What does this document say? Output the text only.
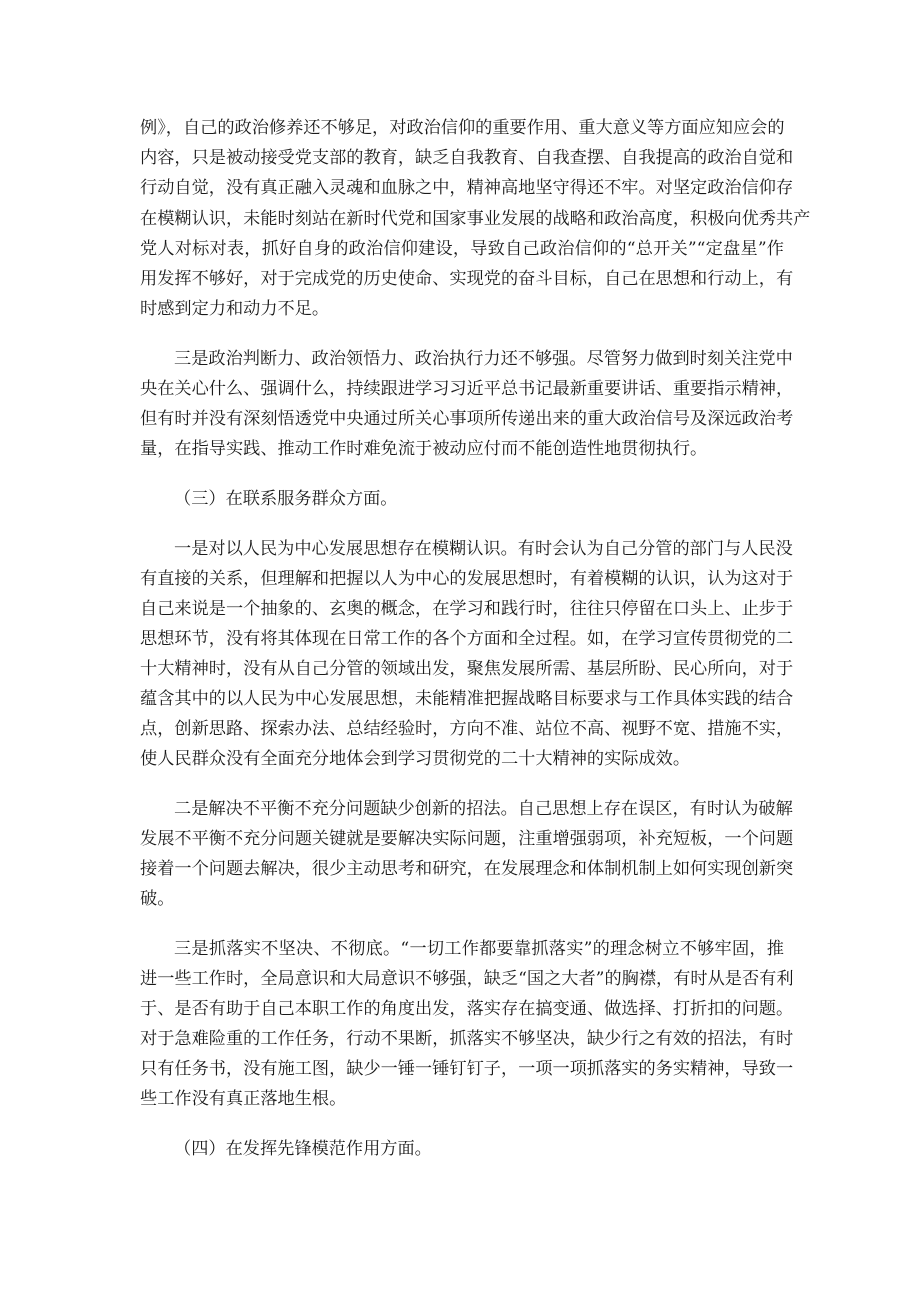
例》，自己的政治修养还不够足，对政治信仰的重要作用、重大意义等方面应知应会的
内容，只是被动接受党支部的教育，缺乏自我教育、自我查摆、自我提高的政治自觉和
行动自觉，没有真正融入灵魂和血脉之中，精神高地坚守得还不牢。对坚定政治信仰存
在模糊认识，未能时刻站在新时代党和国家事业发展的战略和政治高度，积极向优秀共产
党人对标对表，抓好自身的政治信仰建设，导致自己政治信仰的“总开关”“定盘星”作
用发挥不够好，对于完成党的历史使命、实现党的奋斗目标，自己在思想和行动上，有
时感到定力和动力不足。
三是政治判断力、政治领悟力、政治执行力还不够强。尽管努力做到时刻关注党中
央在关心什么、强调什么，持续跟进学习习近平总书记最新重要讲话、重要指示精神，
但有时并没有深刻悟透党中央通过所关心事项所传递出来的重大政治信号及深远政治考
量，在指导实践、推动工作时难免流于被动应付而不能创造性地贯彻执行。
（三）在联系服务群众方面。
一是对以人民为中心发展思想存在模糊认识。有时会认为自己分管的部门与人民没
有直接的关系，但理解和把握以人为中心的发展思想时，有着模糊的认识，认为这对于
自己来说是一个抽象的、玄奥的概念，在学习和践行时，往往只停留在口头上、止步于
思想环节，没有将其体现在日常工作的各个方面和全过程。如，在学习宣传贯彻党的二
十大精神时，没有从自己分管的领域出发，聚焦发展所需、基层所盼、民心所向，对于
蕴含其中的以人民为中心发展思想，未能精准把握战略目标要求与工作具体实践的结合
点，创新思路、探索办法、总结经验时，方向不准、站位不高、视野不宽、措施不实，
使人民群众没有全面充分地体会到学习贯彻党的二十大精神的实际成效。
二是解决不平衡不充分问题缺少创新的招法。自己思想上存在误区，有时认为破解
发展不平衡不充分问题关键就是要解决实际问题，注重增强弱项，补充短板，一个问题
接着一个问题去解决，很少主动思考和研究，在发展理念和体制机制上如何实现创新突
破。
三是抓落实不坚决、不彻底。“一切工作都要靠抓落实”的理念树立不够牢固，推
进一些工作时，全局意识和大局意识不够强，缺乏“国之大者”的胸襟，有时从是否有利
于、是否有助于自己本职工作的角度出发，落实存在搞变通、做选择、打折扣的问题。
对于急难险重的工作任务，行动不果断，抓落实不够坚决，缺少行之有效的招法，有时
只有任务书，没有施工图，缺少一锤一锤钉钉子，一项一项抓落实的务实精神，导致一
些工作没有真正落地生根。
（四）在发挥先锋模范作用方面。
